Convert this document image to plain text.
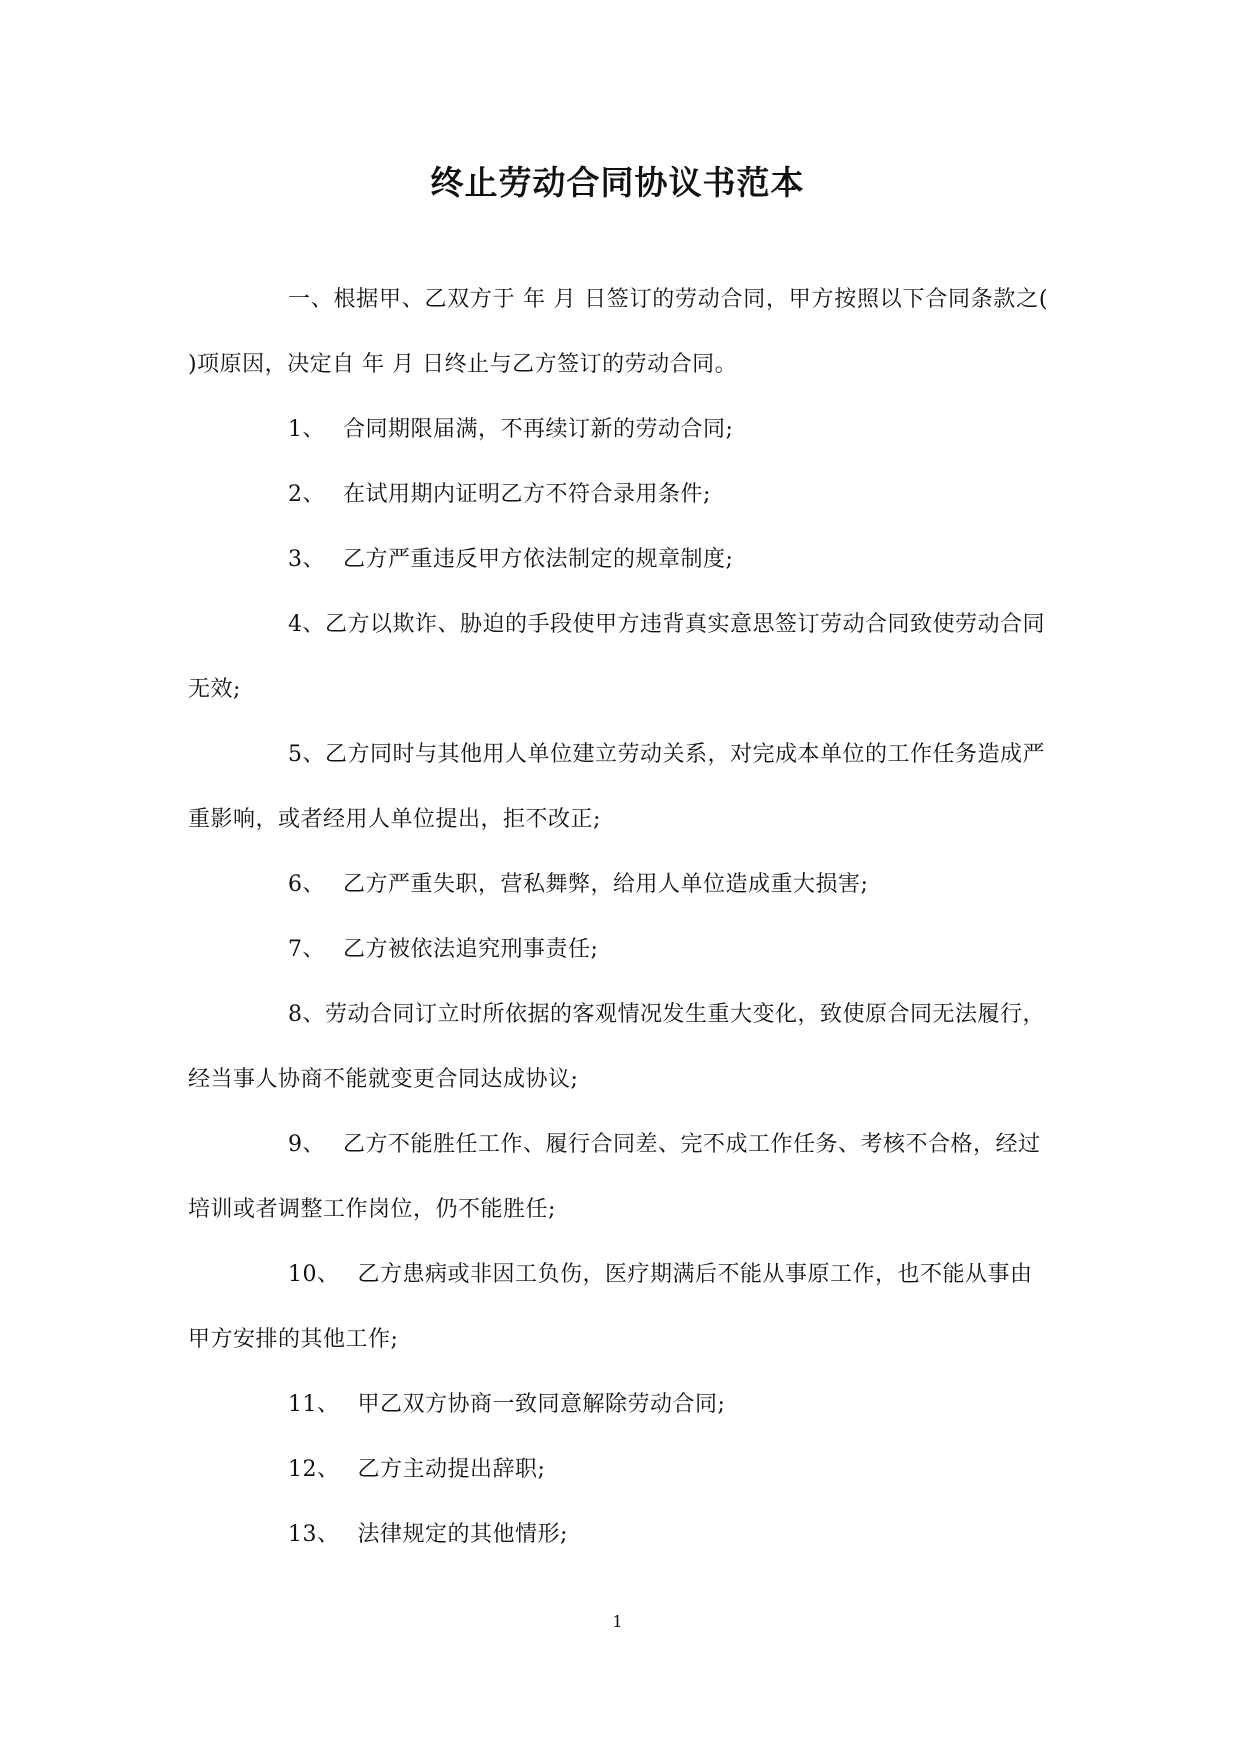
终止劳动合同协议书范本

一、根据甲、乙双方于 年 月 日签订的劳动合同，甲方按照以下合同条款之( )项原因，决定自 年 月 日终止与乙方签订的劳动合同。

1、 合同期限届满，不再续订新的劳动合同;

2、 在试用期内证明乙方不符合录用条件;

3、 乙方严重违反甲方依法制定的规章制度;

4、乙方以欺诈、胁迫的手段使甲方违背真实意思签订劳动合同致使劳动合同无效;

5、乙方同时与其他用人单位建立劳动关系，对完成本单位的工作任务造成严重影响，或者经用人单位提出，拒不改正;

6、 乙方严重失职，营私舞弊，给用人单位造成重大损害;

7、 乙方被依法追究刑事责任;

8、劳动合同订立时所依据的客观情况发生重大变化，致使原合同无法履行，经当事人协商不能就变更合同达成协议;

9、 乙方不能胜任工作、履行合同差、完不成工作任务、考核不合格，经过培训或者调整工作岗位，仍不能胜任;

10、 乙方患病或非因工负伤，医疗期满后不能从事原工作，也不能从事由甲方安排的其他工作;

11、 甲乙双方协商一致同意解除劳动合同;

12、 乙方主动提出辞职;

13、 法律规定的其他情形;

1
